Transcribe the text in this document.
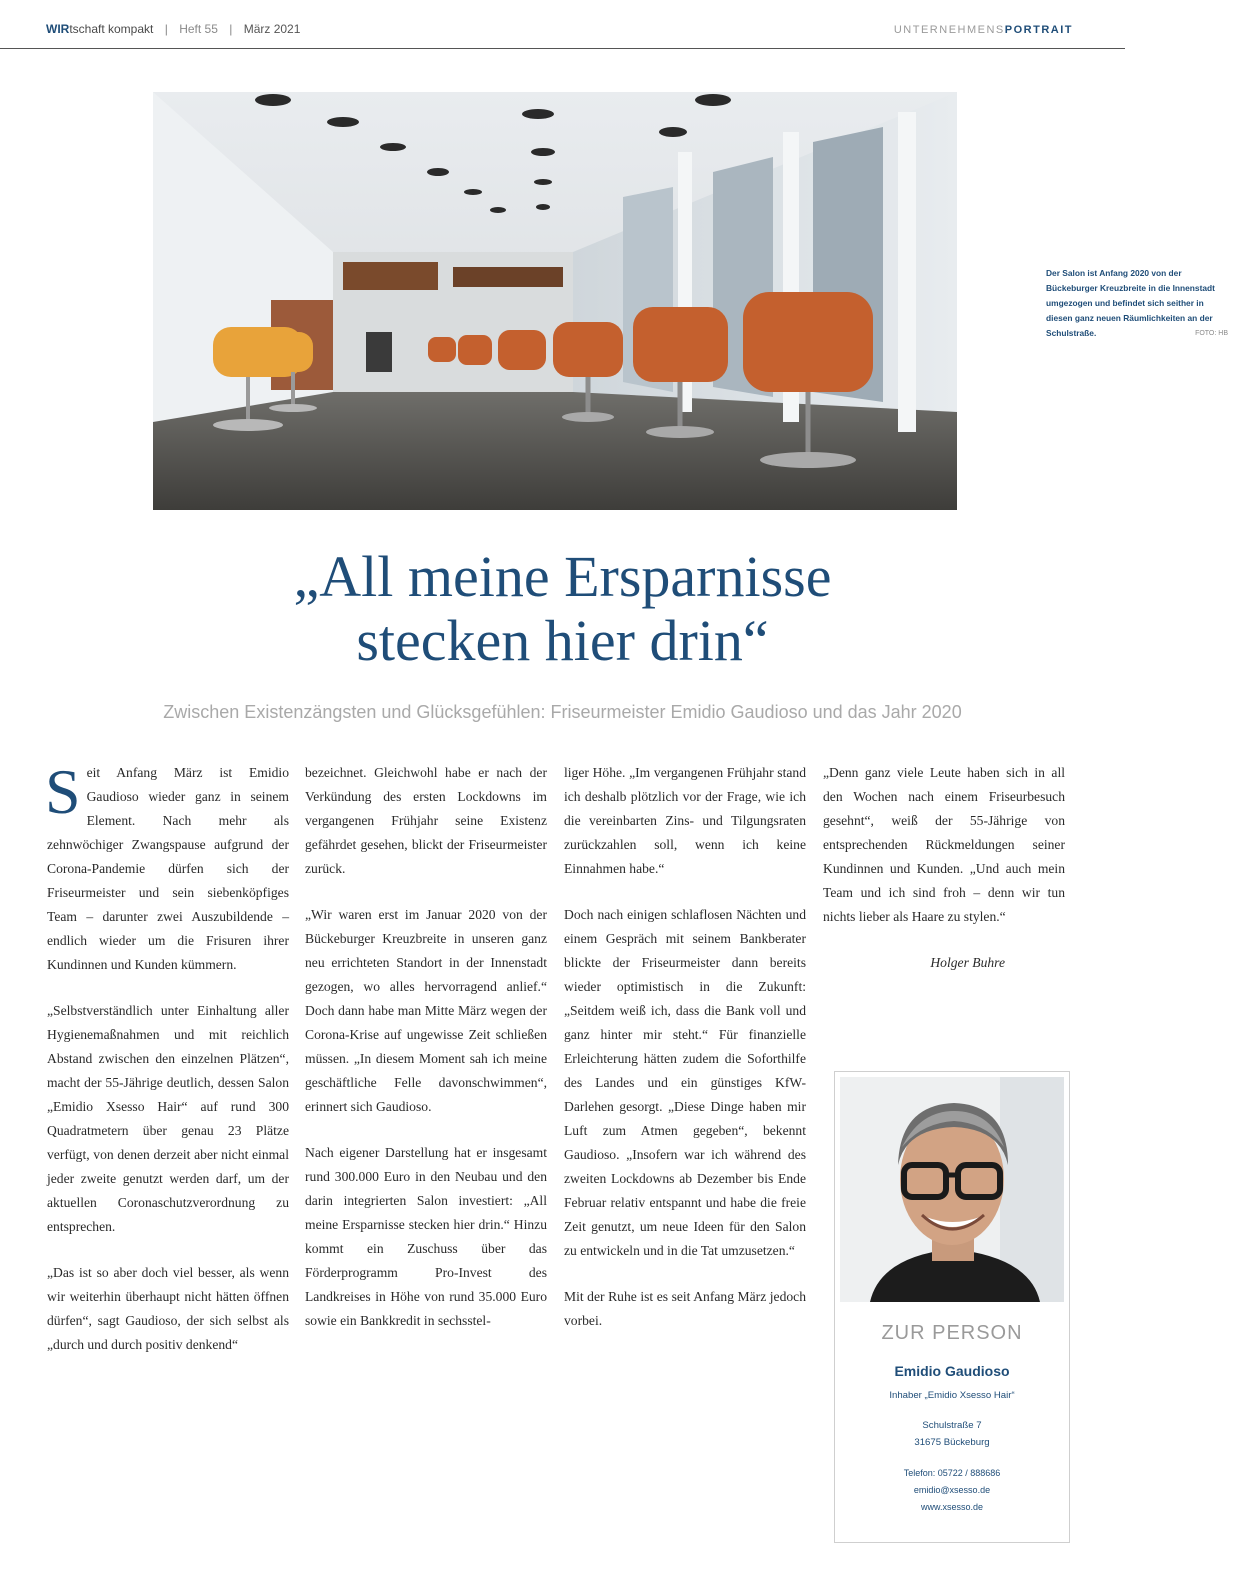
WIRtschaft kompakt | Heft 55 | März 2021	UNTERNEHMENSPORTRAIT
Der Salon ist Anfang 2020 von der Bückeburger Kreuzbreite in die Innenstadt umgezogen und befindet sich seither in diesen ganz neuen Räumlichkeiten an der Schulstraße.	FOTO: HB
„All meine Ersparnisse
stecken hier drin“
Zwischen Existenzängsten und Glücksgefühlen: Friseurmeister Emidio Gaudioso und das Jahr 2020

Seit Anfang März ist Emidio Gaudioso wieder ganz in seinem Element. Nach mehr als zehnwöchiger Zwangspause aufgrund der Corona-Pandemie dürfen sich der Friseurmeister und sein siebenköpfiges Team – darunter zwei Auszubildende – endlich wieder um die Frisuren ihrer Kundinnen und Kunden kümmern.

„Selbstverständlich unter Einhaltung aller Hygienemaßnahmen und mit reichlich Abstand zwischen den einzelnen Plätzen“, macht der 55-Jährige deutlich, dessen Salon „Emidio Xsesso Hair“ auf rund 300 Quadratmetern über genau 23 Plätze verfügt, von denen derzeit aber nicht einmal jeder zweite genutzt werden darf, um der aktuellen Coronaschutzverordnung zu entsprechen.

„Das ist so aber doch viel besser, als wenn wir weiterhin überhaupt nicht hätten öffnen dürfen“, sagt Gaudioso, der sich selbst als „durch und durch positiv denkend“

bezeichnet. Gleichwohl habe er nach der Verkündung des ersten Lockdowns im vergangenen Frühjahr seine Existenz gefährdet gesehen, blickt der Friseurmeister zurück.

„Wir waren erst im Januar 2020 von der Bückeburger Kreuzbreite in unseren ganz neu errichteten Standort in der Innenstadt gezogen, wo alles hervorragend anlief.“ Doch dann habe man Mitte März wegen der Corona-Krise auf ungewisse Zeit schließen müssen. „In diesem Moment sah ich meine geschäftliche Felle davonschwimmen“, erinnert sich Gaudioso.

Nach eigener Darstellung hat er insgesamt rund 300.000 Euro in den Neubau und den darin integrierten Salon investiert: „All meine Ersparnisse stecken hier drin.“ Hinzu kommt ein Zuschuss über das Förderprogramm Pro-Invest des Landkreises in Höhe von rund 35.000 Euro sowie ein Bankkredit in sechsstel-

liger Höhe. „Im vergangenen Frühjahr stand ich deshalb plötzlich vor der Frage, wie ich die vereinbarten Zins- und Tilgungsraten zurückzahlen soll, wenn ich keine Einnahmen habe.“

Doch nach einigen schlaflosen Nächten und einem Gespräch mit seinem Bankberater blickte der Friseurmeister dann bereits wieder optimistisch in die Zukunft: „Seitdem weiß ich, dass die Bank voll und ganz hinter mir steht.“ Für finanzielle Erleichterung hätten zudem die Soforthilfe des Landes und ein günstiges KfW-Darlehen gesorgt. „Diese Dinge haben mir Luft zum Atmen gegeben“, bekennt Gaudioso. „Insofern war ich während des zweiten Lockdowns ab Dezember bis Ende Februar relativ entspannt und habe die freie Zeit genutzt, um neue Ideen für den Salon zu entwickeln und in die Tat umzusetzen.“

Mit der Ruhe ist es seit Anfang März jedoch vorbei.

„Denn ganz viele Leute haben sich in all den Wochen nach einem Friseurbesuch gesehnt“, weiß der 55-Jährige von entsprechenden Rückmeldungen seiner Kundinnen und Kunden. „Und auch mein Team und ich sind froh – denn wir tun nichts lieber als Haare zu stylen.“

Holger Buhre

ZUR PERSON
Emidio Gaudioso
Inhaber „Emidio Xsesso Hair“
Schulstraße 7
31675 Bückeburg
Telefon: 05722 / 888686
emidio@xsesso.de
www.xsesso.de
